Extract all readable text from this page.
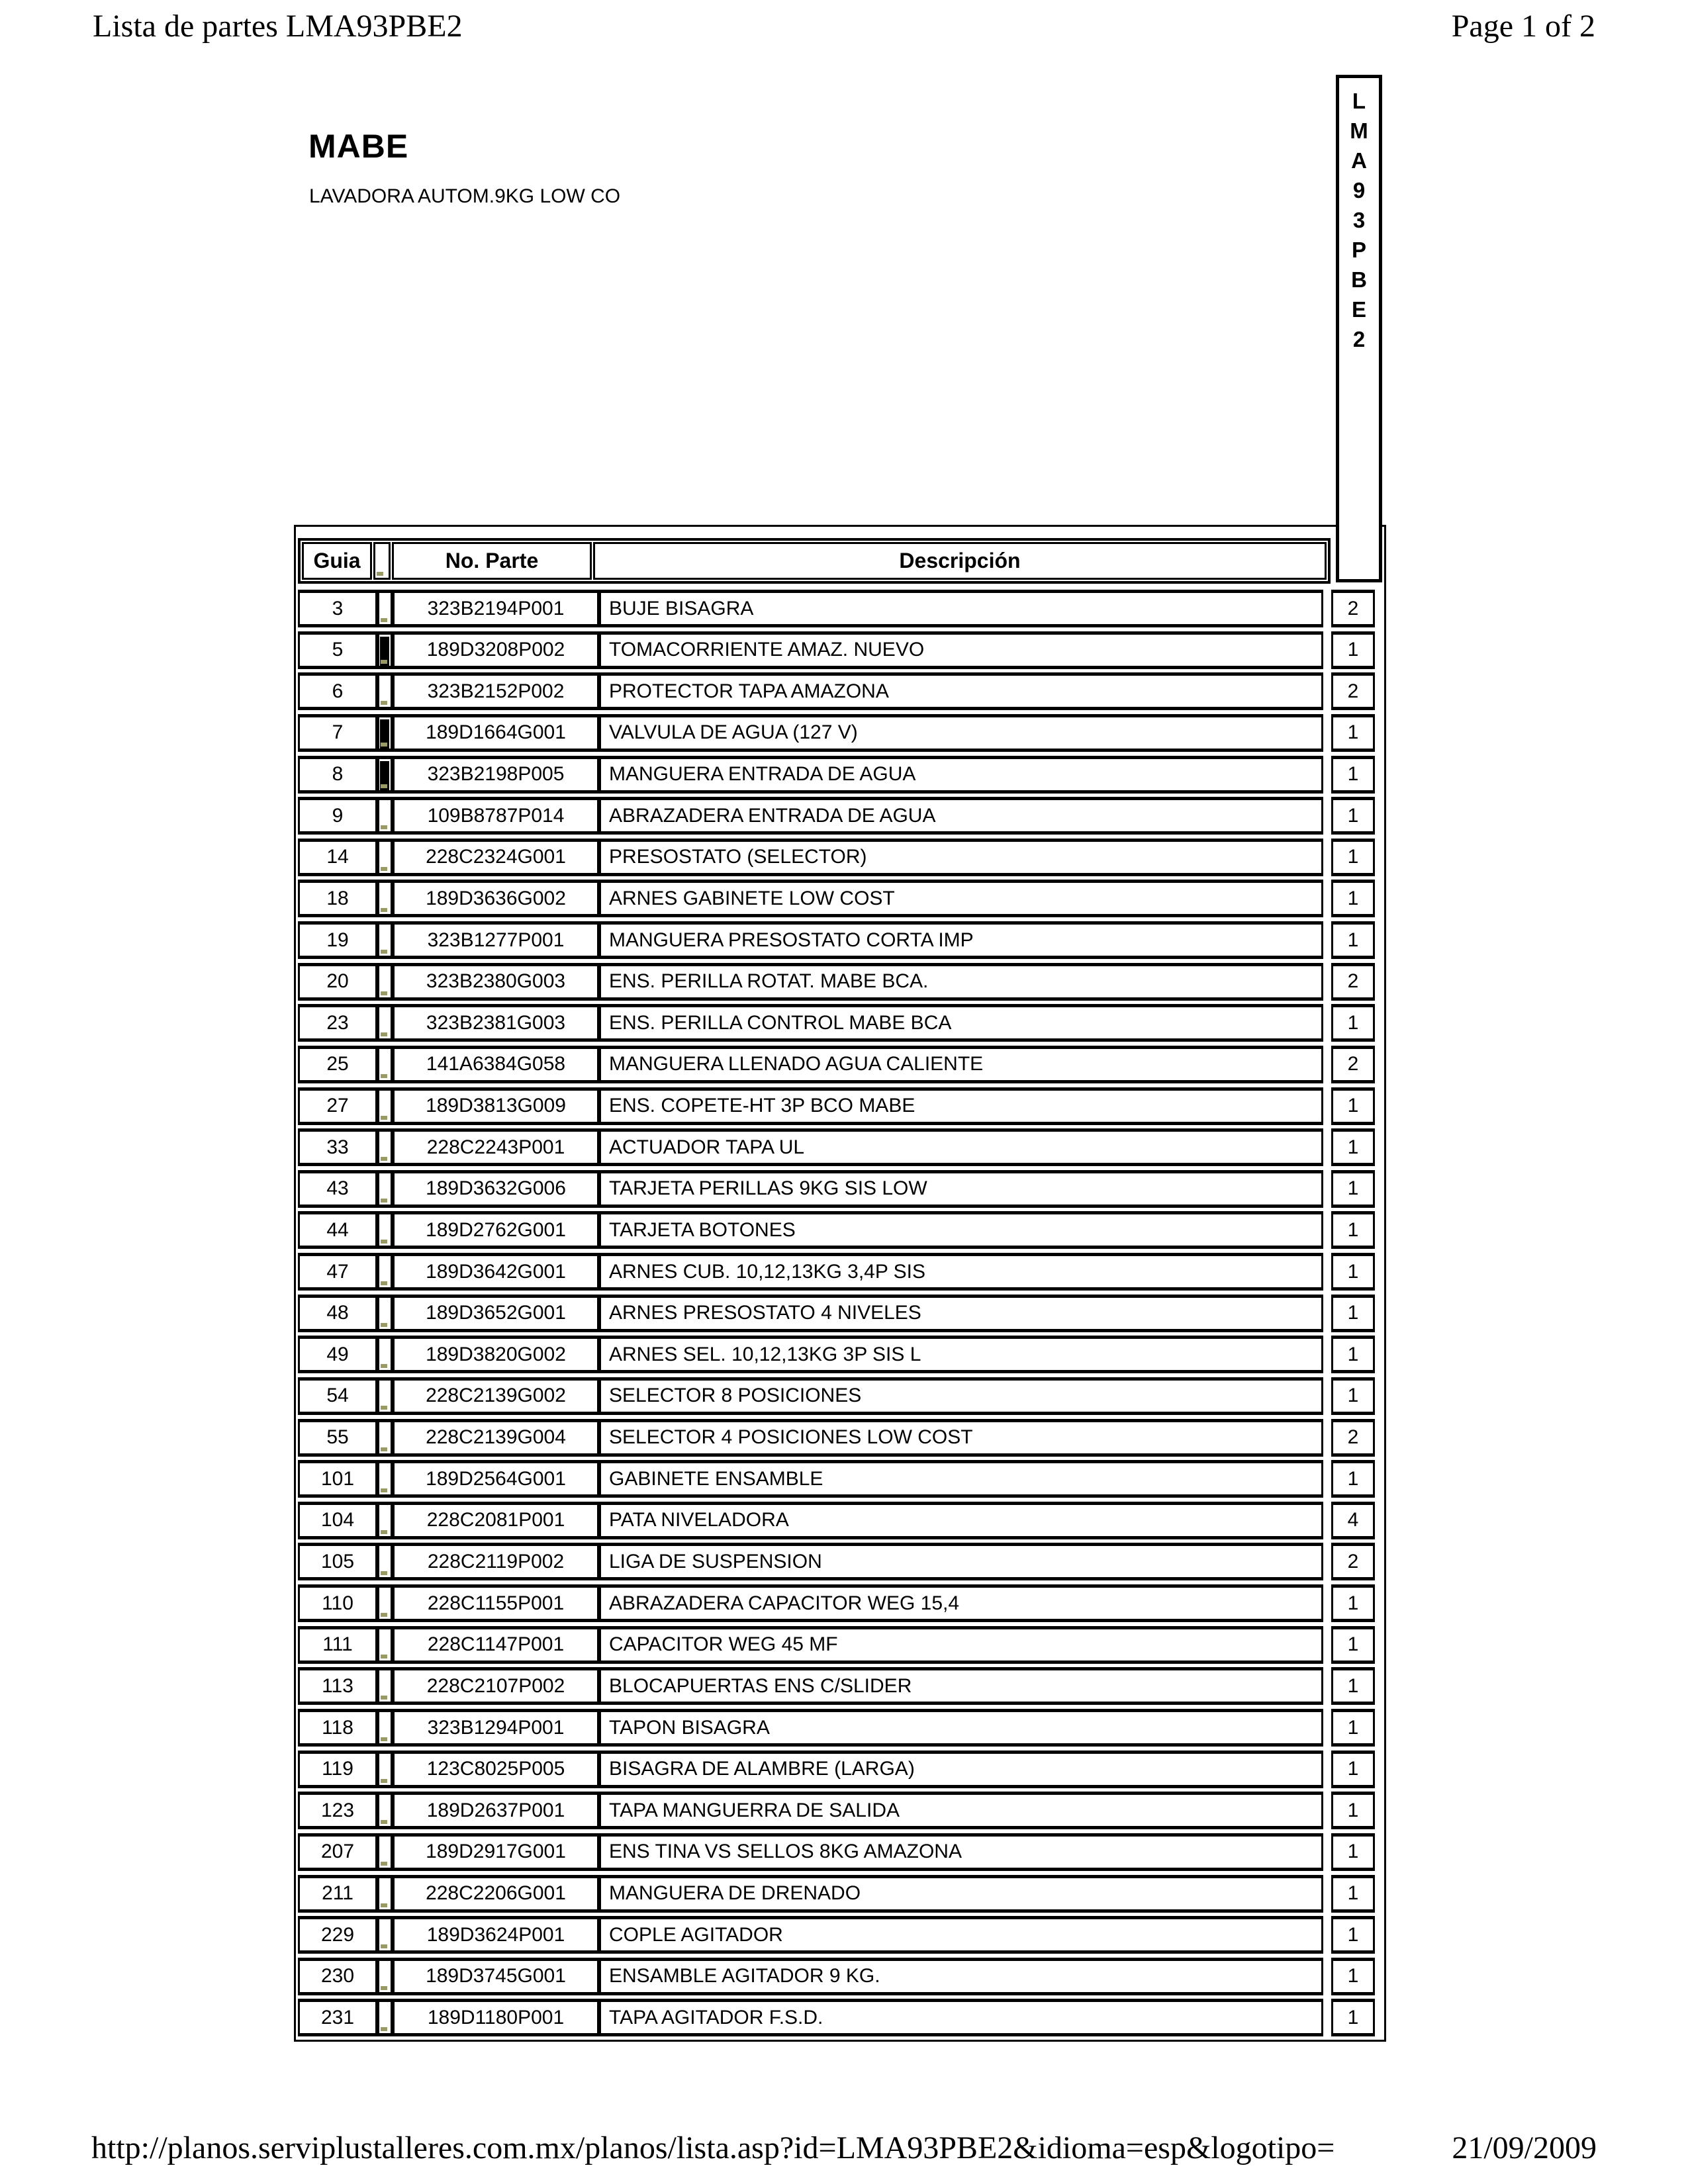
Lista de partes LMA93PBE2	Page 1 of 2
MABE
LAVADORA AUTOM.9KG LOW CO
L
M
A
9
3
P
B
E
2
Guia	No. Parte	Descripción
3	323B2194P001	BUJE BISAGRA	2
5	189D3208P002	TOMACORRIENTE AMAZ. NUEVO	1
6	323B2152P002	PROTECTOR TAPA AMAZONA	2
7	189D1664G001	VALVULA DE AGUA (127 V)	1
8	323B2198P005	MANGUERA ENTRADA DE AGUA	1
9	109B8787P014	ABRAZADERA ENTRADA DE AGUA	1
14	228C2324G001	PRESOSTATO (SELECTOR)	1
18	189D3636G002	ARNES GABINETE LOW COST	1
19	323B1277P001	MANGUERA PRESOSTATO CORTA IMP	1
20	323B2380G003	ENS. PERILLA ROTAT. MABE BCA.	2
23	323B2381G003	ENS. PERILLA CONTROL MABE BCA	1
25	141A6384G058	MANGUERA LLENADO AGUA CALIENTE	2
27	189D3813G009	ENS. COPETE-HT 3P BCO MABE	1
33	228C2243P001	ACTUADOR TAPA UL	1
43	189D3632G006	TARJETA PERILLAS 9KG SIS LOW	1
44	189D2762G001	TARJETA BOTONES	1
47	189D3642G001	ARNES CUB. 10,12,13KG 3,4P SIS	1
48	189D3652G001	ARNES PRESOSTATO 4 NIVELES	1
49	189D3820G002	ARNES SEL. 10,12,13KG 3P SIS L	1
54	228C2139G002	SELECTOR 8 POSICIONES	1
55	228C2139G004	SELECTOR 4 POSICIONES LOW COST	2
101	189D2564G001	GABINETE ENSAMBLE	1
104	228C2081P001	PATA NIVELADORA	4
105	228C2119P002	LIGA DE SUSPENSION	2
110	228C1155P001	ABRAZADERA CAPACITOR WEG 15,4	1
111	228C1147P001	CAPACITOR WEG 45 MF	1
113	228C2107P002	BLOCAPUERTAS ENS C/SLIDER	1
118	323B1294P001	TAPON BISAGRA	1
119	123C8025P005	BISAGRA DE ALAMBRE (LARGA)	1
123	189D2637P001	TAPA MANGUERRA DE SALIDA	1
207	189D2917G001	ENS TINA VS SELLOS 8KG AMAZONA	1
211	228C2206G001	MANGUERA DE DRENADO	1
229	189D3624P001	COPLE AGITADOR	1
230	189D3745G001	ENSAMBLE AGITADOR 9 KG.	1
231	189D1180P001	TAPA AGITADOR F.S.D.	1
http://planos.serviplustalleres.com.mx/planos/lista.asp?id=LMA93PBE2&idioma=esp&logotipo=	21/09/2009
